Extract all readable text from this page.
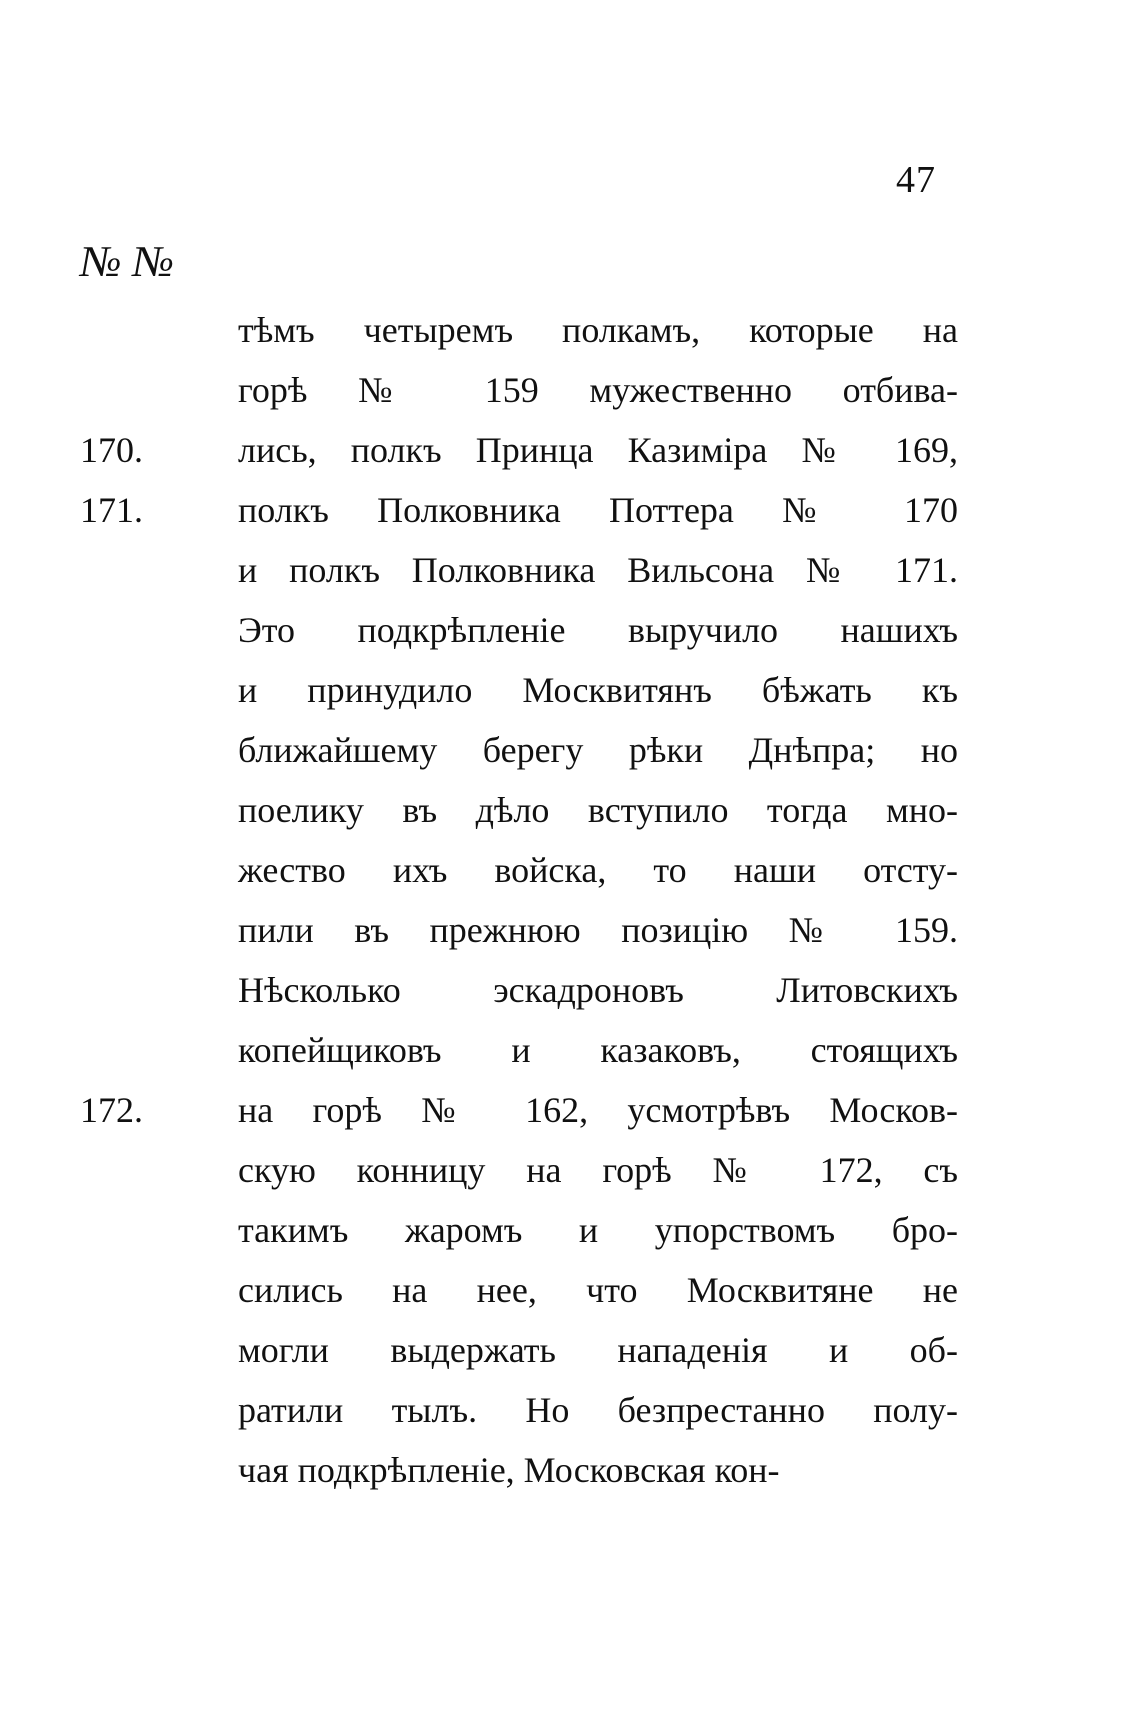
47
№ №
170.
171.
172.
тѣмъ четыремъ полкамъ, которые на
горѣ № 159 мужественно отбива-
лись, полкъ Принца Казиміра № 169,
полкъ Полковника Поттера № 170
и полкъ Полковника Вильсона № 171.
Это подкрѣпленіе выручило нашихъ
и принудило Москвитянъ бѣжать къ
ближайшему берегу рѣки Днѣпра; но
поелику въ дѣло вступило тогда мно-
жество ихъ войска, то наши отсту-
пили въ прежнюю позицію № 159.
Нѣсколько эскадроновъ Литовскихъ
копейщиковъ и казаковъ, стоящихъ
на горѣ № 162, усмотрѣвъ Москов-
скую конницу на горѣ № 172, съ
такимъ жаромъ и упорствомъ бро-
сились на нее, что Москвитяне не
могли выдержать нападенія и об-
ратили тылъ. Но безпрестанно полу-
чая подкрѣпленіе, Московская кон-
